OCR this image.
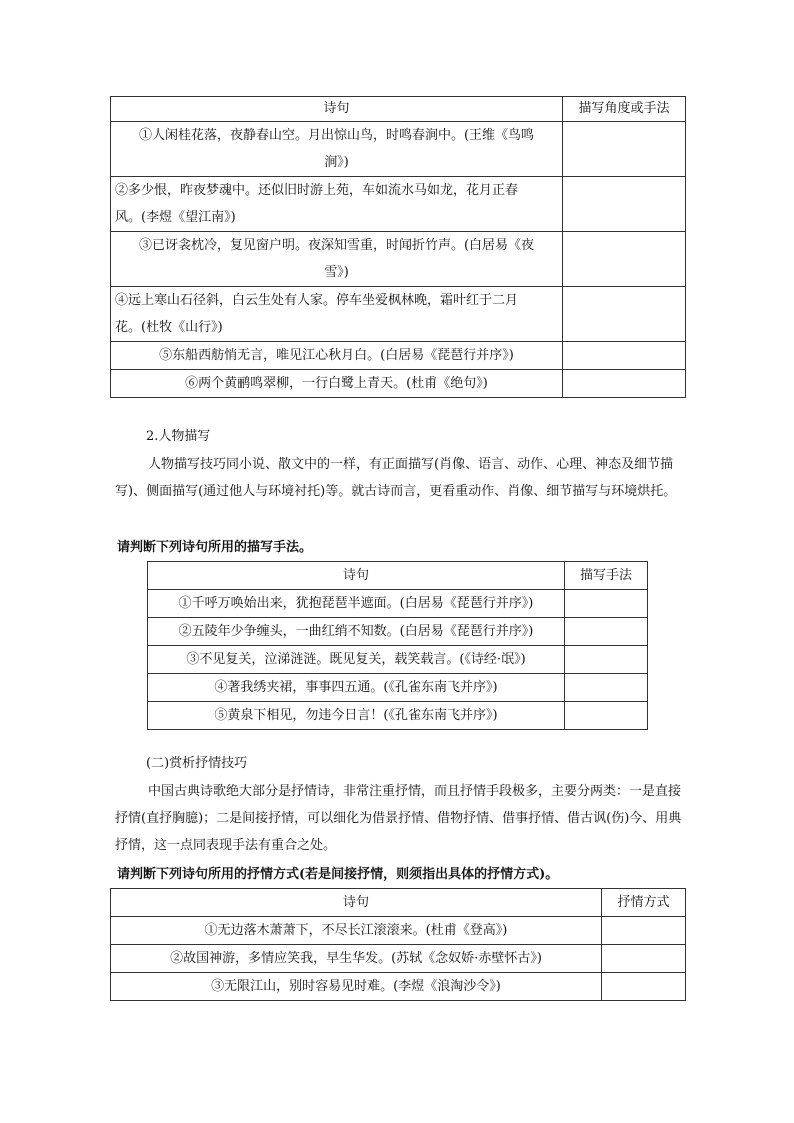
诗句	描写角度或手法
①人闲桂花落，夜静春山空。月出惊山鸟，时鸣春涧中。(王维《鸟鸣
涧》)	
②多少恨，昨夜梦魂中。还似旧时游上苑，车如流水马如龙，花月正春
风。(李煜《望江南》)	
③已讶衾枕冷，复见窗户明。夜深知雪重，时闻折竹声。(白居易《夜
雪》)	
④远上寒山石径斜，白云生处有人家。停车坐爱枫林晚，霜叶红于二月
花。(杜牧《山行》)	
⑤东船西舫悄无言，唯见江心秋月白。(白居易《琵琶行并序》)	
⑥两个黄鹂鸣翠柳，一行白鹭上青天。(杜甫《绝句》)	
2.人物描写
人物描写技巧同小说、散文中的一样，有正面描写(肖像、语言、动作、心理、神态及细节描写)、侧面描写(通过他人与环境衬托)等。就古诗而言，更看重动作、肖像、细节描写与环境烘托。
请判断下列诗句所用的描写手法。
诗句	描写手法
①千呼万唤始出来，犹抱琵琶半遮面。(白居易《琵琶行并序》)	
②五陵年少争缠头，一曲红绡不知数。(白居易《琵琶行并序》)	
③不见复关，泣涕涟涟。既见复关，载笑载言。(《诗经·氓》)	
④著我绣夹裙，事事四五通。(《孔雀东南飞并序》)	
⑤黄泉下相见，勿违今日言！(《孔雀东南飞并序》)	
(二)赏析抒情技巧
中国古典诗歌绝大部分是抒情诗，非常注重抒情，而且抒情手段极多，主要分两类：一是直接抒情(直抒胸臆)；二是间接抒情，可以细化为借景抒情、借物抒情、借事抒情、借古讽(伤)今、用典抒情，这一点同表现手法有重合之处。
请判断下列诗句所用的抒情方式(若是间接抒情，则须指出具体的抒情方式)。
诗句	抒情方式
①无边落木萧萧下，不尽长江滚滚来。(杜甫《登高》)	
②故国神游，多情应笑我，早生华发。(苏轼《念奴娇·赤壁怀古》)	
③无限江山，别时容易见时难。(李煜《浪淘沙令》)	
